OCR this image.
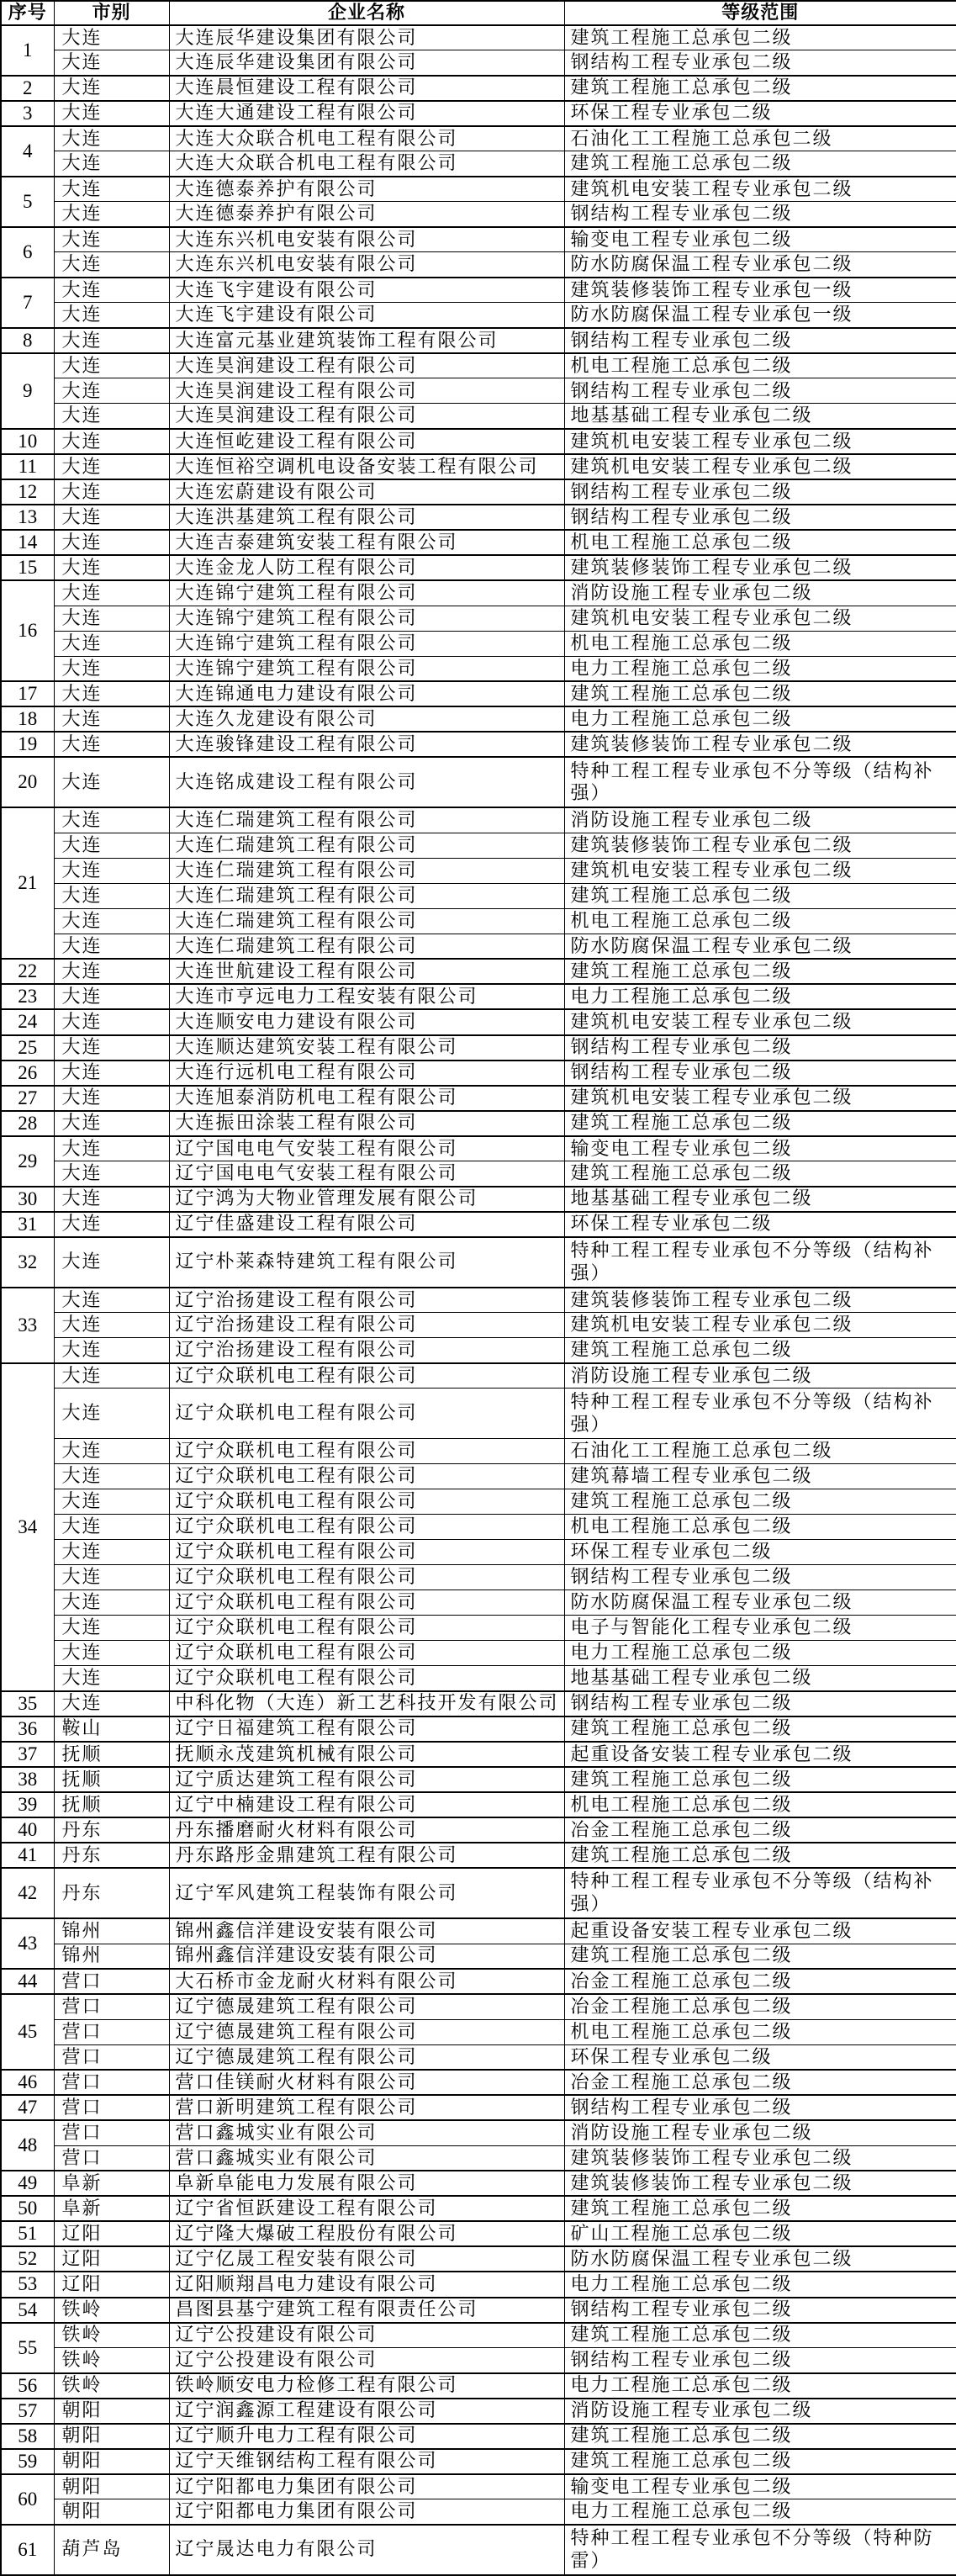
序号	市别	企业名称	等级范围
1	大连	大连辰华建设集团有限公司	建筑工程施工总承包二级
	大连	大连辰华建设集团有限公司	钢结构工程专业承包二级
2	大连	大连晨恒建设工程有限公司	建筑工程施工总承包二级
3	大连	大连大通建设工程有限公司	环保工程专业承包二级
4	大连	大连大众联合机电工程有限公司	石油化工工程施工总承包二级
	大连	大连大众联合机电工程有限公司	建筑工程施工总承包二级
5	大连	大连德泰养护有限公司	建筑机电安装工程专业承包二级
	大连	大连德泰养护有限公司	钢结构工程专业承包二级
6	大连	大连东兴机电安装有限公司	输变电工程专业承包二级
	大连	大连东兴机电安装有限公司	防水防腐保温工程专业承包二级
7	大连	大连飞宇建设有限公司	建筑装修装饰工程专业承包一级
	大连	大连飞宇建设有限公司	防水防腐保温工程专业承包一级
8	大连	大连富元基业建筑装饰工程有限公司	钢结构工程专业承包二级
9	大连	大连昊润建设工程有限公司	机电工程施工总承包二级
	大连	大连昊润建设工程有限公司	钢结构工程专业承包二级
	大连	大连昊润建设工程有限公司	地基基础工程专业承包二级
10	大连	大连恒屹建设工程有限公司	建筑机电安装工程专业承包二级
11	大连	大连恒裕空调机电设备安装工程有限公司	建筑机电安装工程专业承包二级
12	大连	大连宏蔚建设有限公司	钢结构工程专业承包二级
13	大连	大连洪基建筑工程有限公司	钢结构工程专业承包二级
14	大连	大连吉泰建筑安装工程有限公司	机电工程施工总承包二级
15	大连	大连金龙人防工程有限公司	建筑装修装饰工程专业承包二级
16	大连	大连锦宁建筑工程有限公司	消防设施工程专业承包二级
	大连	大连锦宁建筑工程有限公司	建筑机电安装工程专业承包二级
	大连	大连锦宁建筑工程有限公司	机电工程施工总承包二级
	大连	大连锦宁建筑工程有限公司	电力工程施工总承包二级
17	大连	大连锦通电力建设有限公司	建筑工程施工总承包二级
18	大连	大连久龙建设有限公司	电力工程施工总承包二级
19	大连	大连骏锋建设工程有限公司	建筑装修装饰工程专业承包二级
20	大连	大连铭成建设工程有限公司	特种工程工程专业承包不分等级（结构补强）
21	大连	大连仁瑞建筑工程有限公司	消防设施工程专业承包二级
	大连	大连仁瑞建筑工程有限公司	建筑装修装饰工程专业承包二级
	大连	大连仁瑞建筑工程有限公司	建筑机电安装工程专业承包二级
	大连	大连仁瑞建筑工程有限公司	建筑工程施工总承包二级
	大连	大连仁瑞建筑工程有限公司	机电工程施工总承包二级
	大连	大连仁瑞建筑工程有限公司	防水防腐保温工程专业承包二级
22	大连	大连世航建设工程有限公司	建筑工程施工总承包二级
23	大连	大连市亨远电力工程安装有限公司	电力工程施工总承包二级
24	大连	大连顺安电力建设有限公司	建筑机电安装工程专业承包二级
25	大连	大连顺达建筑安装工程有限公司	钢结构工程专业承包二级
26	大连	大连行远机电工程有限公司	钢结构工程专业承包二级
27	大连	大连旭泰消防机电工程有限公司	建筑机电安装工程专业承包二级
28	大连	大连振田涂装工程有限公司	建筑工程施工总承包二级
29	大连	辽宁国电电气安装工程有限公司	输变电工程专业承包二级
	大连	辽宁国电电气安装工程有限公司	建筑工程施工总承包二级
30	大连	辽宁鸿为大物业管理发展有限公司	地基基础工程专业承包二级
31	大连	辽宁佳盛建设工程有限公司	环保工程专业承包二级
32	大连	辽宁朴莱森特建筑工程有限公司	特种工程工程专业承包不分等级（结构补强）
33	大连	辽宁治扬建设工程有限公司	建筑装修装饰工程专业承包二级
	大连	辽宁治扬建设工程有限公司	建筑机电安装工程专业承包二级
	大连	辽宁治扬建设工程有限公司	建筑工程施工总承包二级
34	大连	辽宁众联机电工程有限公司	消防设施工程专业承包二级
	大连	辽宁众联机电工程有限公司	特种工程工程专业承包不分等级（结构补强）
	大连	辽宁众联机电工程有限公司	石油化工工程施工总承包二级
	大连	辽宁众联机电工程有限公司	建筑幕墙工程专业承包二级
	大连	辽宁众联机电工程有限公司	建筑工程施工总承包二级
	大连	辽宁众联机电工程有限公司	机电工程施工总承包二级
	大连	辽宁众联机电工程有限公司	环保工程专业承包二级
	大连	辽宁众联机电工程有限公司	钢结构工程专业承包二级
	大连	辽宁众联机电工程有限公司	防水防腐保温工程专业承包二级
	大连	辽宁众联机电工程有限公司	电子与智能化工程专业承包二级
	大连	辽宁众联机电工程有限公司	电力工程施工总承包二级
	大连	辽宁众联机电工程有限公司	地基基础工程专业承包二级
35	大连	中科化物（大连）新工艺科技开发有限公司	钢结构工程专业承包二级
36	鞍山	辽宁日福建筑工程有限公司	建筑工程施工总承包二级
37	抚顺	抚顺永茂建筑机械有限公司	起重设备安装工程专业承包二级
38	抚顺	辽宁质达建筑工程有限公司	建筑工程施工总承包二级
39	抚顺	辽宁中楠建设工程有限公司	机电工程施工总承包二级
40	丹东	丹东播磨耐火材料有限公司	冶金工程施工总承包二级
41	丹东	丹东路彤金鼎建筑工程有限公司	建筑工程施工总承包二级
42	丹东	辽宁军风建筑工程装饰有限公司	特种工程工程专业承包不分等级（结构补强）
43	锦州	锦州鑫信洋建设安装有限公司	起重设备安装工程专业承包二级
	锦州	锦州鑫信洋建设安装有限公司	建筑工程施工总承包二级
44	营口	大石桥市金龙耐火材料有限公司	冶金工程施工总承包二级
45	营口	辽宁德晟建筑工程有限公司	冶金工程施工总承包二级
	营口	辽宁德晟建筑工程有限公司	机电工程施工总承包二级
	营口	辽宁德晟建筑工程有限公司	环保工程专业承包二级
46	营口	营口佳镁耐火材料有限公司	冶金工程施工总承包二级
47	营口	营口新明建筑工程有限公司	钢结构工程专业承包二级
48	营口	营口鑫城实业有限公司	消防设施工程专业承包二级
	营口	营口鑫城实业有限公司	建筑装修装饰工程专业承包二级
49	阜新	阜新阜能电力发展有限公司	建筑装修装饰工程专业承包二级
50	阜新	辽宁省恒跃建设工程有限公司	建筑工程施工总承包二级
51	辽阳	辽宁隆大爆破工程股份有限公司	矿山工程施工总承包二级
52	辽阳	辽宁亿晟工程安装有限公司	防水防腐保温工程专业承包二级
53	辽阳	辽阳顺翔昌电力建设有限公司	电力工程施工总承包二级
54	铁岭	昌图县基宁建筑工程有限责任公司	钢结构工程专业承包二级
55	铁岭	辽宁公投建设有限公司	建筑工程施工总承包二级
	铁岭	辽宁公投建设有限公司	钢结构工程专业承包二级
56	铁岭	铁岭顺安电力检修工程有限公司	电力工程施工总承包二级
57	朝阳	辽宁润鑫源工程建设有限公司	消防设施工程专业承包二级
58	朝阳	辽宁顺升电力工程有限公司	建筑工程施工总承包二级
59	朝阳	辽宁天维钢结构工程有限公司	建筑工程施工总承包二级
60	朝阳	辽宁阳都电力集团有限公司	输变电工程专业承包二级
	朝阳	辽宁阳都电力集团有限公司	电力工程施工总承包二级
61	葫芦岛	辽宁晟达电力有限公司	特种工程工程专业承包不分等级（特种防雷）
